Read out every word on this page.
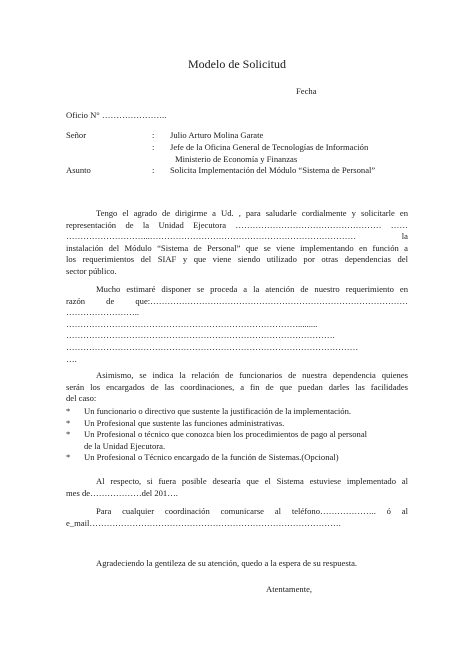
Modelo de Solicitud
Fecha
Oficio N° …………………..
Señor	: Julio Arturo Molina Garate
: Jefe de la Oficina General de Tecnologías de Información
Ministerio de Economía y Finanzas
Asunto	: Solicita Implementación del Módulo “Sistema de Personal”
Tengo el agrado de dirigirme a Ud. , para saludarle cordialmente y solicitarle en
representación de la Unidad Ejecutora …………………………………………… ……
………………………...……………………………………………………………… la
instalación del Módulo “Sistema de Personal” que se viene implementando en función a
los requerimientos del SIAF y que viene siendo utilizado por otras dependencias del
sector público.
Mucho estimaré disponer se proceda a la atención de nuestro requerimiento en
razón de que:………………………………………………………………………………
……………………..
……………………………………………………………………….........
………………………………………………………………………………….
…………………………………………………………………………………………
….
Asimismo, se indica la relación de funcionarios de nuestra dependencia quienes
serán los encargados de las coordinaciones, a fin de que puedan darles las facilidades
del caso:
* Un funcionario o directivo que sustente la justificación de la implementación.
* Un Profesional que sustente las funciones administrativas.
* Un Profesional o técnico que conozca bien los procedimientos de pago al personal
de la Unidad Ejecutora.
* Un Profesional o Técnico encargado de la función de Sistemas.(Opcional)
Al respecto, si fuera posible desearía que el Sistema estuviese implementado al
mes de………………del 201….
Para cualquier coordinación comunicarse al teléfono……………….. ó al
e_mail…………………………………………………………………………….
Agradeciendo la gentileza de su atención, quedo a la espera de su respuesta.
Atentamente,
